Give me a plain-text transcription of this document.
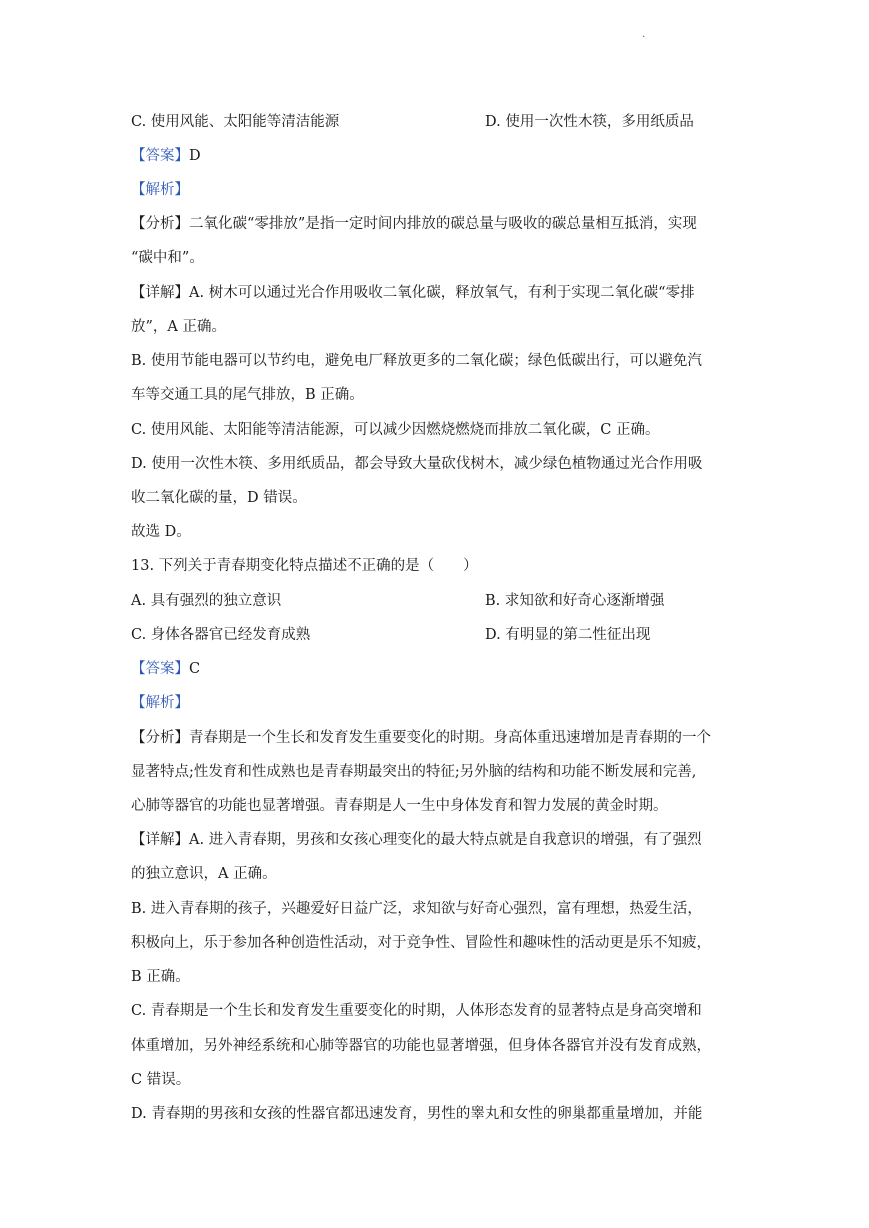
.
C. 使用风能、太阳能等清洁能源	D. 使用一次性木筷，多用纸质品
【答案】D
【解析】
【分析】二氧化碳“零排放”是指一定时间内排放的碳总量与吸收的碳总量相互抵消，实现
“碳中和”。
【详解】A. 树木可以通过光合作用吸收二氧化碳，释放氧气，有利于实现二氧化碳“零排
放”，A 正确。
B. 使用节能电器可以节约电，避免电厂释放更多的二氧化碳；绿色低碳出行，可以避免汽
车等交通工具的尾气排放，B 正确。
C. 使用风能、太阳能等清洁能源，可以减少因燃烧燃烧而排放二氧化碳，C 正确。
D. 使用一次性木筷、多用纸质品，都会导致大量砍伐树木，减少绿色植物通过光合作用吸
收二氧化碳的量，D 错误。
故选 D。
13. 下列关于青春期变化特点描述不正确的是（　　）
A. 具有强烈的独立意识	B. 求知欲和好奇心逐渐增强
C. 身体各器官已经发育成熟	D. 有明显的第二性征出现
【答案】C
【解析】
【分析】青春期是一个生长和发育发生重要变化的时期。身高体重迅速增加是青春期的一个
显著特点;性发育和性成熟也是青春期最突出的特征;另外脑的结构和功能不断发展和完善,
心肺等器官的功能也显著增强。青春期是人一生中身体发育和智力发展的黄金时期。
【详解】A. 进入青春期，男孩和女孩心理变化的最大特点就是自我意识的增强，有了强烈
的独立意识，A 正确。
B. 进入青春期的孩子，兴趣爱好日益广泛，求知欲与好奇心强烈，富有理想，热爱生活，
积极向上，乐于参加各种创造性活动，对于竞争性、冒险性和趣味性的活动更是乐不知疲，
B 正确。
C. 青春期是一个生长和发育发生重要变化的时期，人体形态发育的显著特点是身高突增和
体重增加，另外神经系统和心肺等器官的功能也显著增强，但身体各器官并没有发育成熟，
C 错误。
D. 青春期的男孩和女孩的性器官都迅速发育，男性的睾丸和女性的卵巢都重量增加，并能
